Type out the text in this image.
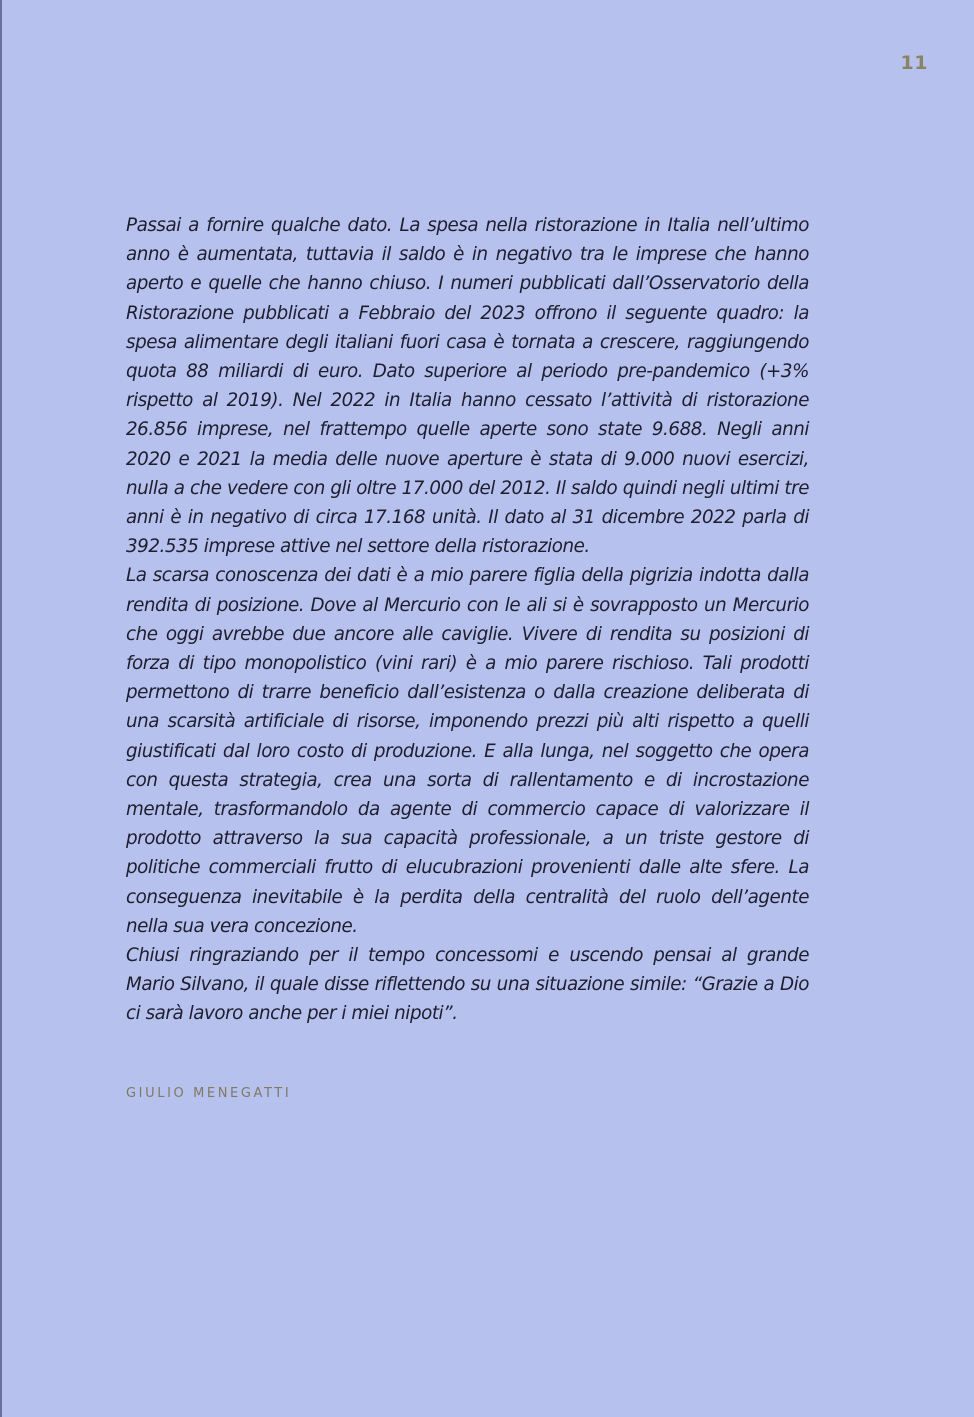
11

Passai a fornire qualche dato. La spesa nella ristorazione in Italia nell’ultimo anno è aumentata, tuttavia il saldo è in negativo tra le imprese che hanno aperto e quelle che hanno chiuso. I numeri pubblicati dall’Osservatorio della Ristorazione pubblicati a Febbraio del 2023 offrono il seguente quadro: la spesa alimentare degli italiani fuori casa è tornata a crescere, raggiungendo quota 88 miliardi di euro. Dato superiore al periodo pre-pandemico (+3% rispetto al 2019). Nel 2022 in Italia hanno cessato l’attività di ristorazione 26.856 imprese, nel frattempo quelle aperte sono state 9.688. Negli anni 2020 e 2021 la media delle nuove aperture è stata di 9.000 nuovi esercizi, nulla a che vedere con gli oltre 17.000 del 2012. Il saldo quindi negli ultimi tre anni è in negativo di circa 17.168 unità. Il dato al 31 dicembre 2022 parla di 392.535 imprese attive nel settore della ristorazione.

La scarsa conoscenza dei dati è a mio parere figlia della pigrizia indotta dalla rendita di posizione. Dove al Mercurio con le ali si è sovrapposto un Mercurio che oggi avrebbe due ancore alle caviglie. Vivere di rendita su posizioni di forza di tipo monopolistico (vini rari) è a mio parere rischioso. Tali prodotti permettono di trarre beneficio dall’esistenza o dalla creazione deliberata di una scarsità artificiale di risorse, imponendo prezzi più alti rispetto a quelli giustificati dal loro costo di produzione. E alla lunga, nel soggetto che opera con questa strategia, crea una sorta di rallentamento e di incrostazione mentale, trasformandolo da agente di commercio capace di valorizzare il prodotto attraverso la sua capacità professionale, a un triste gestore di politiche commerciali frutto di elucubrazioni provenienti dalle alte sfere. La conseguenza inevitabile è la perdita della centralità del ruolo dell’agente nella sua vera concezione.

Chiusi ringraziando per il tempo concessomi e uscendo pensai al grande Mario Silvano, il quale disse riflettendo su una situazione simile: “Grazie a Dio ci sarà lavoro anche per i miei nipoti”.

GIULIO MENEGATTI
